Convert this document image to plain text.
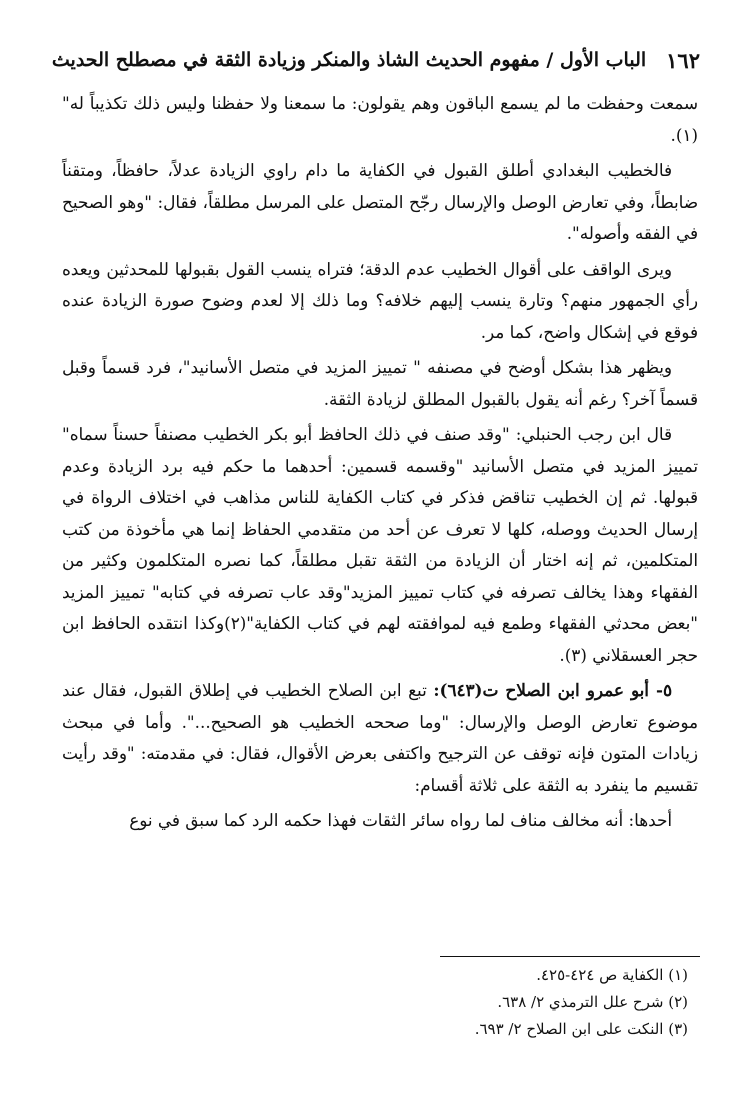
١٦٢
الباب الأول / مفهوم الحديث الشاذ والمنكر وزيادة الثقة في مصطلح الحديث

سمعت وحفظت ما لم يسمع الباقون وهم يقولون: ما سمعنا ولا حفظنا وليس ذلك تكذيباً له"(١).

فالخطيب البغدادي أطلق القبول في الكفاية ما دام راوي الزيادة عدلاً، حافظاً، ومتقناً ضابطاً، وفي تعارض الوصل والإرسال رجّح المتصل على المرسل مطلقاً، فقال: "وهو الصحيح في الفقه وأصوله".

ويرى الواقف على أقوال الخطيب عدم الدقة؛ فتراه ينسب القول بقبولها للمحدثين ويعده رأي الجمهور منهم؟ وتارة ينسب إليهم خلافه؟ وما ذلك إلا لعدم وضوح صورة الزيادة عنده فوقع في إشكال واضح، كما مر.

ويظهر هذا بشكل أوضح في مصنفه " تمييز المزيد في متصل الأسانيد"، فرد قسماً وقبل قسماً آخر؟ رغم أنه يقول بالقبول المطلق لزيادة الثقة.

قال ابن رجب الحنبلي: "وقد صنف في ذلك الحافظ أبو بكر الخطيب مصنفاً حسناً سماه" تمييز المزيد في متصل الأسانيد "وقسمه قسمين: أحدهما ما حكم فيه برد الزيادة وعدم قبولها. ثم إن الخطيب تناقض فذكر في كتاب الكفاية للناس مذاهب في اختلاف الرواة في إرسال الحديث ووصله، كلها لا تعرف عن أحد من متقدمي الحفاظ إنما هي مأخوذة من كتب المتكلمين، ثم إنه اختار أن الزيادة من الثقة تقبل مطلقاً، كما نصره المتكلمون وكثير من الفقهاء وهذا يخالف تصرفه في كتاب تمييز المزيد"وقد عاب تصرفه في كتابه" تمييز المزيد "بعض محدثي الفقهاء وطمع فيه لموافقته لهم في كتاب الكفاية"(٢)وكذا انتقده الحافظ ابن حجر العسقلاني (٣).

٥- أبو عمرو ابن الصلاح ت(٦٤٣): تبع ابن الصلاح الخطيب في إطلاق القبول، فقال عند موضوع تعارض الوصل والإرسال: "وما صححه الخطيب هو الصحيح...". وأما في مبحث زيادات المتون فإنه توقف عن الترجيح واكتفى بعرض الأقوال، فقال: في مقدمته: "وقد رأيت تقسيم ما ينفرد به الثقة على ثلاثة أقسام:

أحدها: أنه مخالف مناف لما رواه سائر الثقات فهذا حكمه الرد كما سبق في نوع

(١) الكفاية ص ٤٢٤-٤٢٥.
(٢) شرح علل الترمذي ٢/ ٦٣٨.
(٣) النكت على ابن الصلاح ٢/ ٦٩٣.
